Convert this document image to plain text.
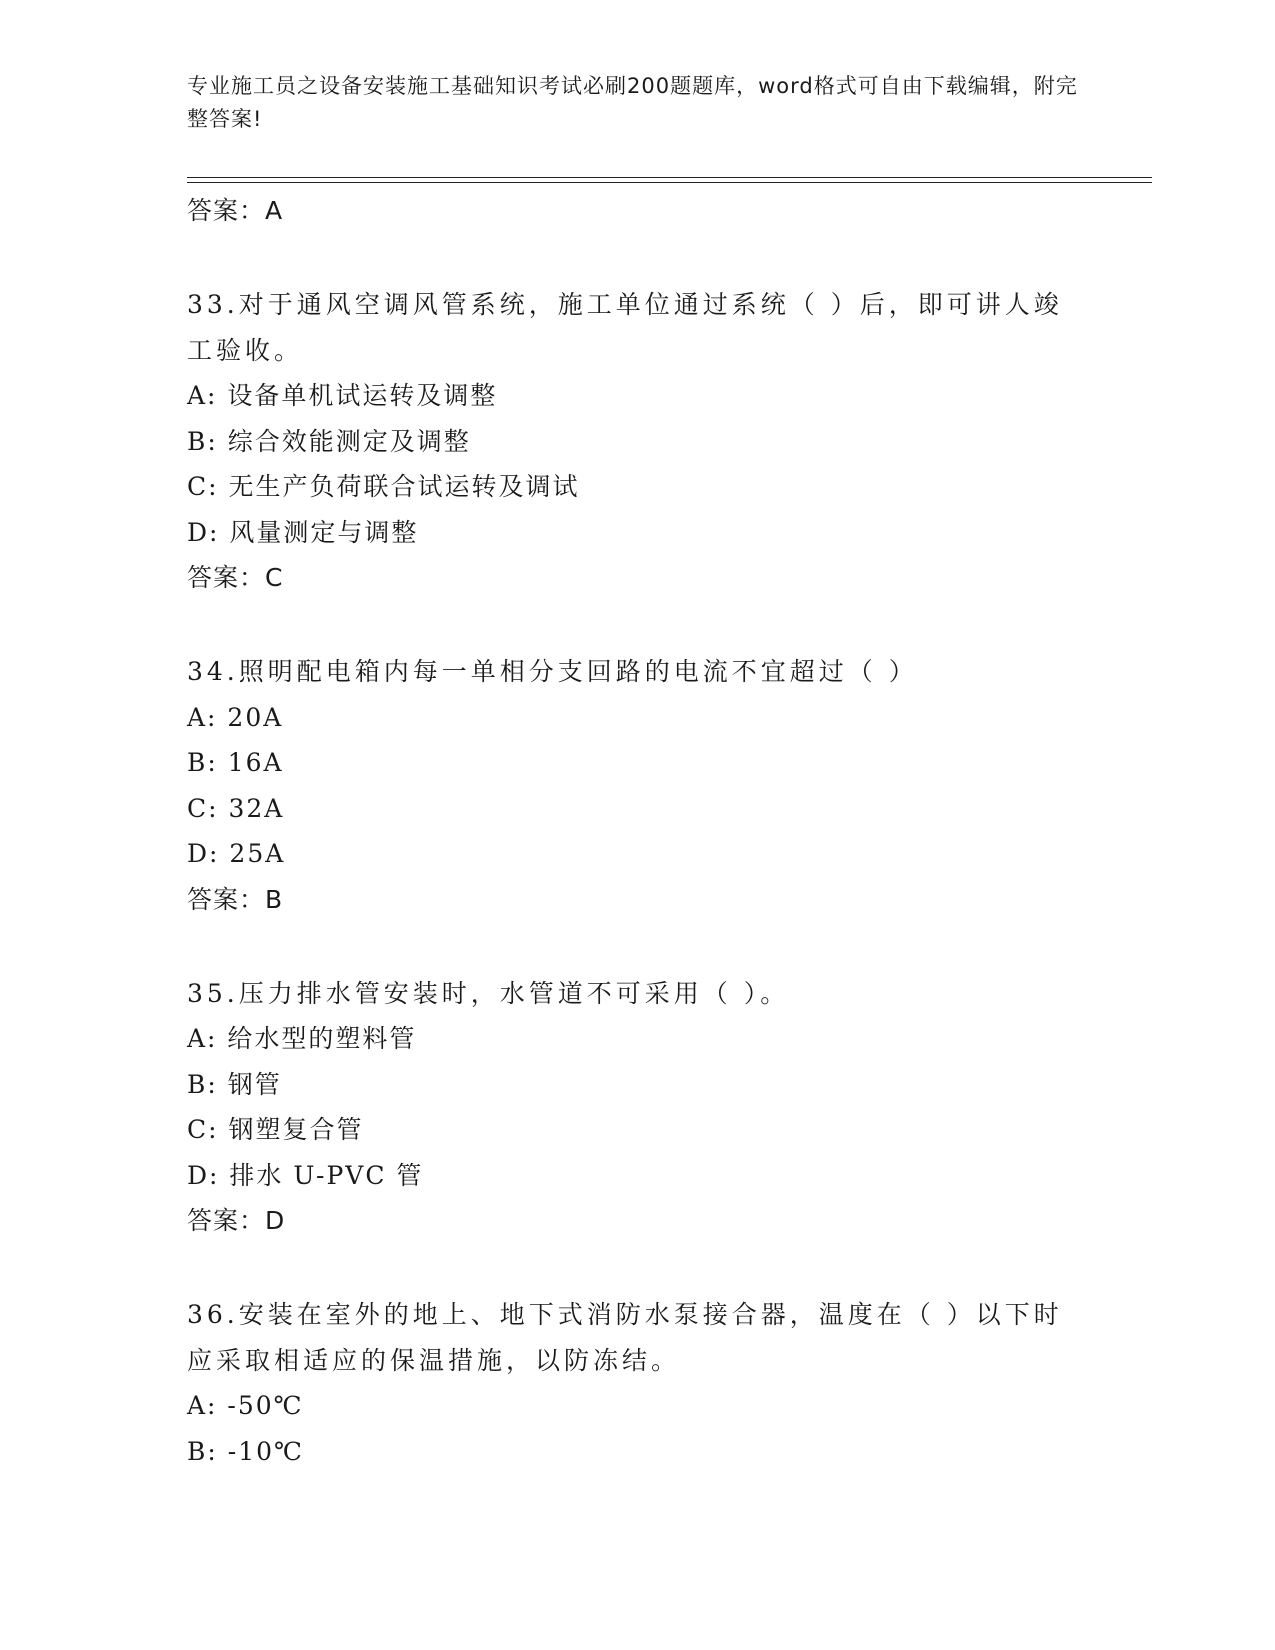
专业施工员之设备安装施工基础知识考试必刷200题题库，word格式可自由下载编辑，附完整答案!
答案：A
33.对于通风空调风管系统，施工单位通过系统（ ）后，即可讲人竣工验收。
A: 设备单机试运转及调整
B: 综合效能测定及调整
C: 无生产负荷联合试运转及调试
D: 风量测定与调整
答案：C
34.照明配电箱内每一单相分支回路的电流不宜超过（ ）
A: 20A
B: 16A
C: 32A
D: 25A
答案：B
35.压力排水管安装时，水管道不可采用（ ）。
A: 给水型的塑料管
B: 钢管
C: 钢塑复合管
D: 排水 U-PVC 管
答案：D
36.安装在室外的地上、地下式消防水泵接合器，温度在（ ）以下时应采取相适应的保温措施，以防冻结。
A: -50℃
B: -10℃
